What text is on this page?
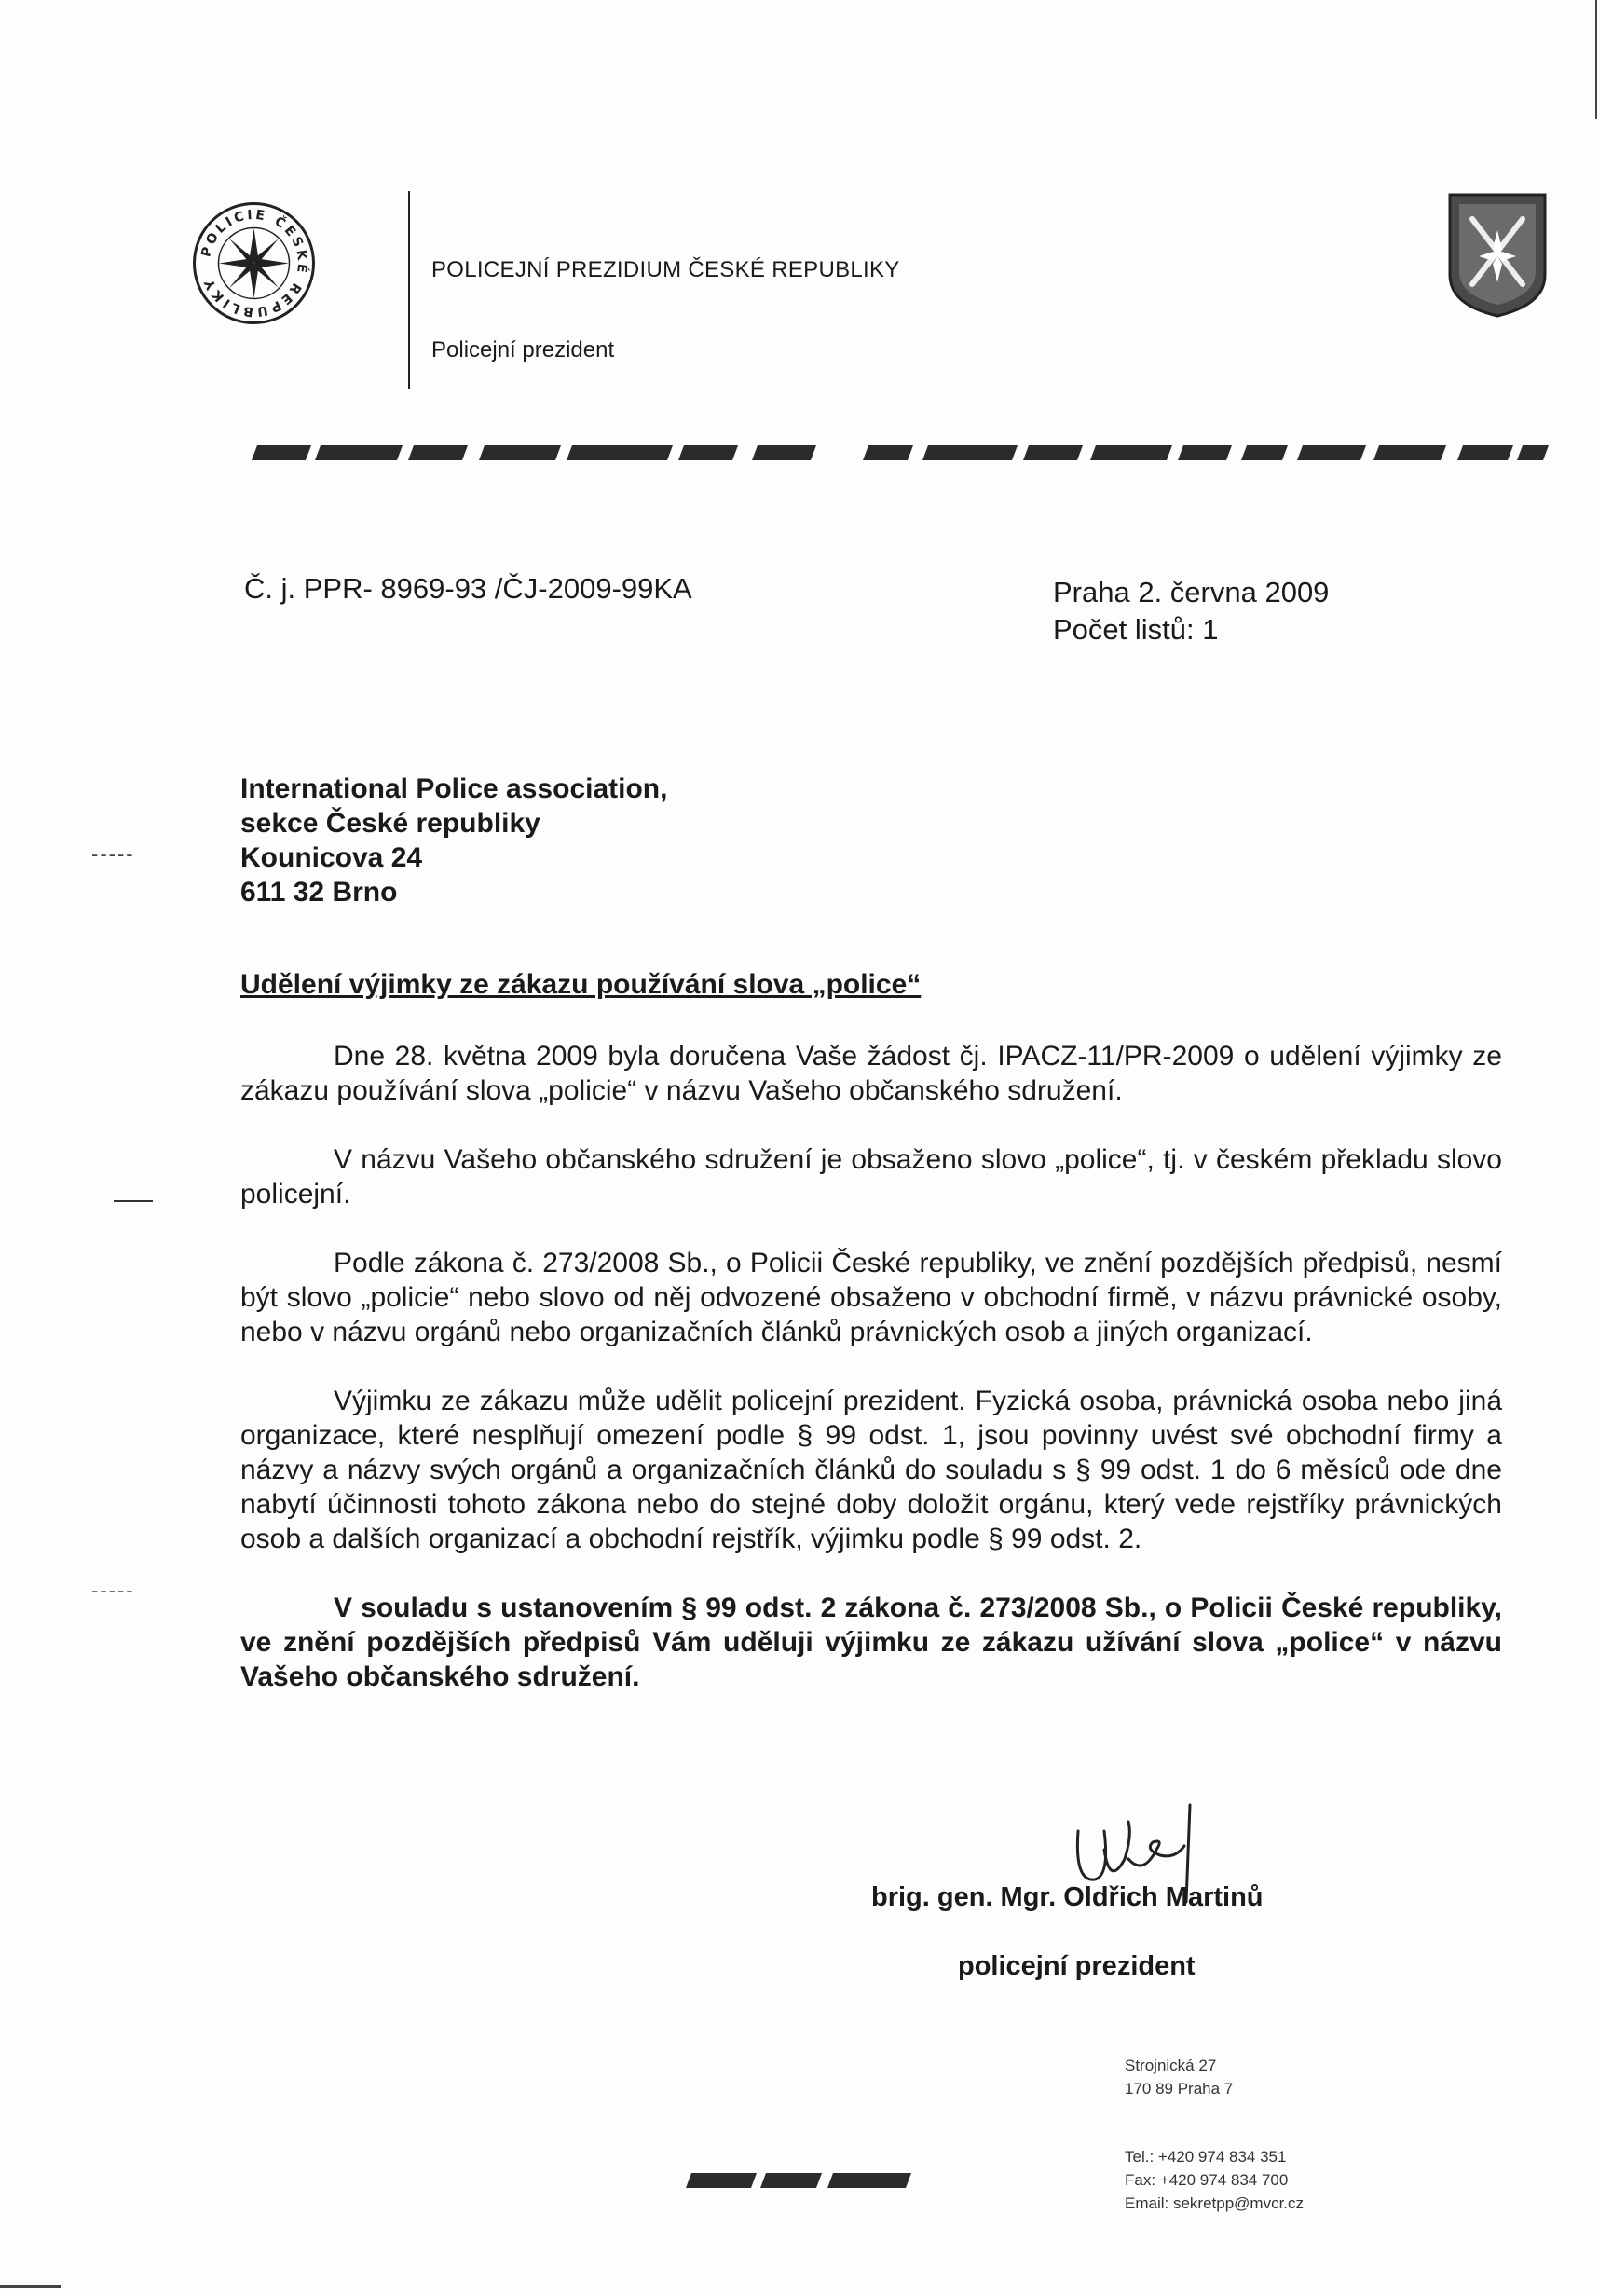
POLICIE ČESKÉ REPUBLIKY
POLICEJNÍ PREZIDIUM ČESKÉ REPUBLIKY
Policejní prezident
Č. j. PPR- 8969-93 /ČJ-2009-99KA	Praha 2. června 2009
Počet listů: 1
International Police association,
sekce České republiky
Kounicova 24
611 32 Brno
-----
-----
Udělení výjimky ze zákazu používání slova „police“

Dne 28. května 2009 byla doručena Vaše žádost čj. IPACZ-11/PR-2009 o udělení výjimky ze zákazu používání slova „policie“ v názvu Vašeho občanského sdružení.

V názvu Vašeho občanského sdružení je obsaženo slovo „police“, tj. v českém překladu slovo policejní.

Podle zákona č. 273/2008 Sb., o Policii České republiky, ve znění pozdějších předpisů, nesmí být slovo „policie“ nebo slovo od něj odvozené obsaženo v obchodní firmě, v názvu právnické osoby, nebo v názvu orgánů nebo organizačních článků právnických osob a jiných organizací.

Výjimku ze zákazu může udělit policejní prezident. Fyzická osoba, právnická osoba nebo jiná organizace, které nesplňují omezení podle § 99 odst. 1, jsou povinny uvést své obchodní firmy a názvy a názvy svých orgánů a organizačních článků do souladu s § 99 odst. 1 do 6 měsíců ode dne nabytí účinnosti tohoto zákona nebo do stejné doby doložit orgánu, který vede rejstříky právnických osob a dalších organizací a obchodní rejstřík, výjimku podle § 99 odst. 2.

V souladu s ustanovením § 99 odst. 2 zákona č. 273/2008 Sb., o Policii České republiky, ve znění pozdějších předpisů Vám uděluji výjimku ze zákazu užívání slova „police“ v názvu Vašeho občanského sdružení.

brig. gen. Mgr. Oldřich Martinů
policejní prezident
Strojnická 27
170 89 Praha 7
Tel.: +420 974 834 351
Fax: +420 974 834 700
Email: sekretpp@mvcr.cz
